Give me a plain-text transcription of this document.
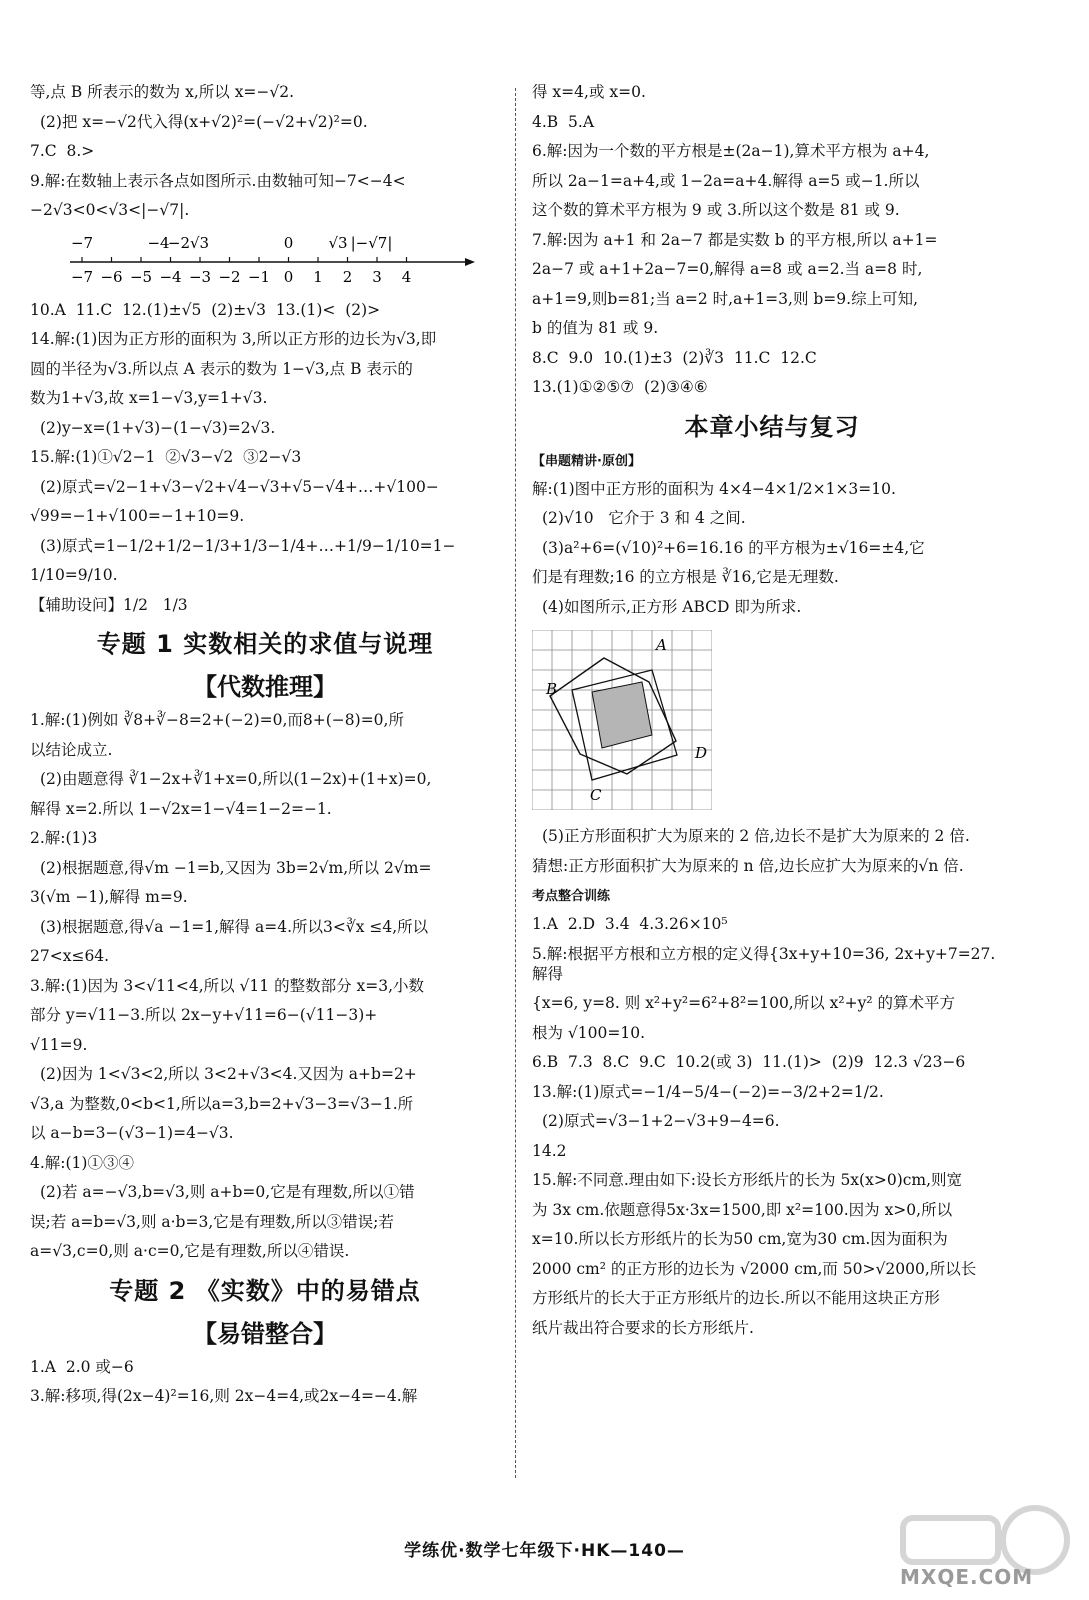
等,点 B 所表示的数为 x,所以 x=−√2.
(2)把 x=−√2代入得(x+√2)²=(−√2+√2)²=0.
7.C  8.>
9.解:在数轴上表示各点如图所示.由数轴可知−7<−4<
−2√3<0<√3<|−√7|.
−7	−4
−2√3	0 √3 |−√7|
−7 −6 −5 −4 −3 −2 −1 0 1 2 3 4
10.A  11.C  12.(1)±√5  (2)±√3  13.(1)<  (2)>
14.解:(1)因为正方形的面积为 3,所以正方形的边长为√3,即
圆的半径为√3.所以点 A 表示的数为 1−√3,点 B 表示的
数为1+√3,故 x=1−√3,y=1+√3.
(2)y−x=(1+√3)−(1−√3)=2√3.
15.解:(1)①√2−1  ②√3−√2  ③2−√3
(2)原式=√2−1+√3−√2+√4−√3+√5−√4+…+√100−
√99=−1+√100=−1+10=9.
(3)原式=1−1/2+1/2−1/3+1/3−1/4+…+1/9−1/10=1−
1/10=9/10.
【辅助设问】1/2   1/3
专题 1 实数相关的求值与说理
【代数推理】
1.解:(1)例如 ∛8+∛−8=2+(−2)=0,而8+(−8)=0,所
以结论成立.
(2)由题意得 ∛1−2x+∛1+x=0,所以(1−2x)+(1+x)=0,
解得 x=2.所以 1−√2x=1−√4=1−2=−1.
2.解:(1)3
(2)根据题意,得√m −1=b,又因为 3b=2√m,所以 2√m=
3(√m −1),解得 m=9.
(3)根据题意,得√a −1=1,解得 a=4.所以3<∛x ≤4,所以
27<x≤64.
3.解:(1)因为 3<√11<4,所以 √11 的整数部分 x=3,小数
部分 y=√11−3.所以 2x−y+√11=6−(√11−3)+
√11=9.
(2)因为 1<√3<2,所以 3<2+√3<4.又因为 a+b=2+
√3,a 为整数,0<b<1,所以a=3,b=2+√3−3=√3−1.所
以 a−b=3−(√3−1)=4−√3.
4.解:(1)①③④
(2)若 a=−√3,b=√3,则 a+b=0,它是有理数,所以①错
误;若 a=b=√3,则 a·b=3,它是有理数,所以③错误;若
a=√3,c=0,则 a·c=0,它是有理数,所以④错误.
专题 2 《实数》中的易错点
【易错整合】
1.A  2.0 或−6
3.解:移项,得(2x−4)²=16,则 2x−4=4,或2x−4=−4.解
得 x=4,或 x=0.
4.B  5.A
6.解:因为一个数的平方根是±(2a−1),算术平方根为 a+4,
所以 2a−1=a+4,或 1−2a=a+4.解得 a=5 或−1.所以
这个数的算术平方根为 9 或 3.所以这个数是 81 或 9.
7.解:因为 a+1 和 2a−7 都是实数 b 的平方根,所以 a+1=
2a−7 或 a+1+2a−7=0,解得 a=8 或 a=2.当 a=8 时,
a+1=9,则b=81;当 a=2 时,a+1=3,则 b=9.综上可知,
b 的值为 81 或 9.
8.C  9.0  10.(1)±3  (2)∛3  11.C  12.C
13.(1)①②⑤⑦  (2)③④⑥
本章小结与复习
【串题精讲·原创】
解:(1)图中正方形的面积为 4×4−4×1/2×1×3=10.
(2)√10   它介于 3 和 4 之间.
(3)a²+6=(√10)²+6=16.16 的平方根为±√16=±4,它
们是有理数;16 的立方根是 ∛16,它是无理数.
(4)如图所示,正方形 ABCD 即为所求.
A
B
C
D
(5)正方形面积扩大为原来的 2 倍,边长不是扩大为原来的 2 倍.
猜想:正方形面积扩大为原来的 n 倍,边长应扩大为原来的√n 倍.
考点整合训练
1.A  2.D  3.4  4.3.26×10⁵
5.解:根据平方根和立方根的定义得{3x+y+10=36, 2x+y+7=27. 解得
{x=6, y=8. 则 x²+y²=6²+8²=100,所以 x²+y² 的算术平方
根为 √100=10.
6.B  7.3  8.C  9.C  10.2(或 3)  11.(1)>  (2)9  12.3 √23−6
13.解:(1)原式=−1/4−5/4−(−2)=−3/2+2=1/2.
(2)原式=√3−1+2−√3+9−4=6.
14.2
15.解:不同意.理由如下:设长方形纸片的长为 5x(x>0)cm,则宽
为 3x cm.依题意得5x·3x=1500,即 x²=100.因为 x>0,所以
x=10.所以长方形纸片的长为50 cm,宽为30 cm.因为面积为
2000 cm² 的正方形的边长为 √2000 cm,而 50>√2000,所以长
方形纸片的长大于正方形纸片的边长.所以不能用这块正方形
纸片裁出符合要求的长方形纸片.
学练优·数学七年级下·HK—140—
MXQE.COM
